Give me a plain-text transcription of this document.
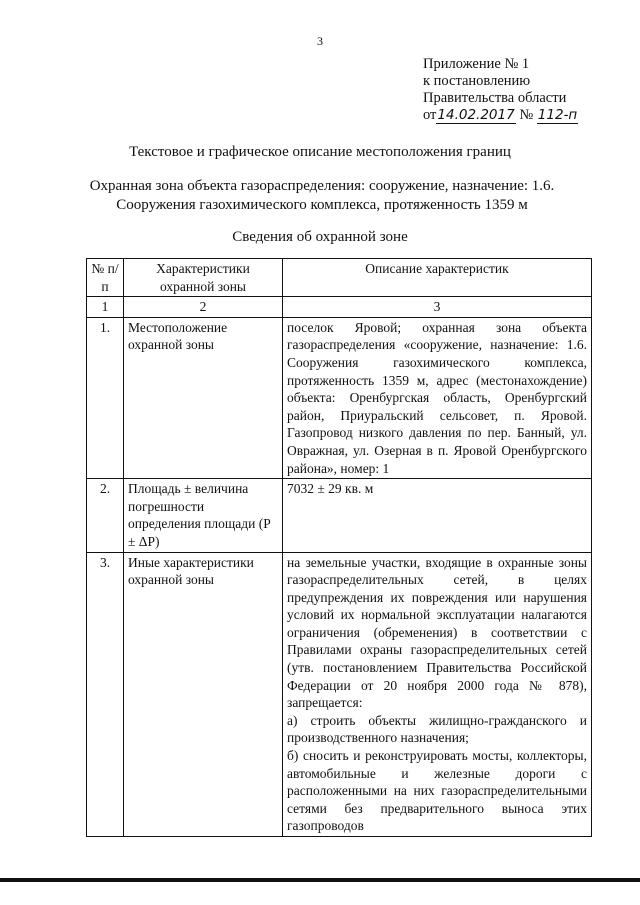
3
Приложение № 1
к постановлению
Правительства области
от14.02.2017 № 112-п
Текстовое и графическое описание местоположения границ
Охранная зона объекта газораспределения: сооружение, назначение: 1.6. Сооружения газохимического комплекса, протяженность 1359 м
Сведения об охранной зоне
№ п/п	Характеристики охранной зоны	Описание характеристик
1	2	3
1.	Местоположение охранной зоны	поселок Яровой; охранная зона объекта газораспределения «сооружение, назначение: 1.6. Сооружения газохимического комплекса, протяженность 1359 м, адрес (местонахождение) объекта: Оренбургская область, Оренбургский район, Приуральский сельсовет, п. Яровой. Газопровод низкого давления по пер. Банный, ул. Овражная, ул. Озерная в п. Яровой Оренбургского района», номер: 1
2.	Площадь ± величина погрешности определения площади (P ± ΔP)	7032 ± 29 кв. м
3.	Иные характеристики охранной зоны	на земельные участки, входящие в охранные зоны газораспределительных сетей, в целях предупреждения их повреждения или нарушения условий их нормальной эксплуатации налагаются ограничения (обременения) в соответствии с Правилами охраны газораспределительных сетей (утв. постановлением Правительства Российской Федерации от 20 ноября 2000 года № 878), запрещается:
а) строить объекты жилищно-гражданского и производственного назначения;
б) сносить и реконструировать мосты, коллекторы, автомобильные и железные дороги с расположенными на них газораспределительными сетями без предварительного выноса этих газопроводов
